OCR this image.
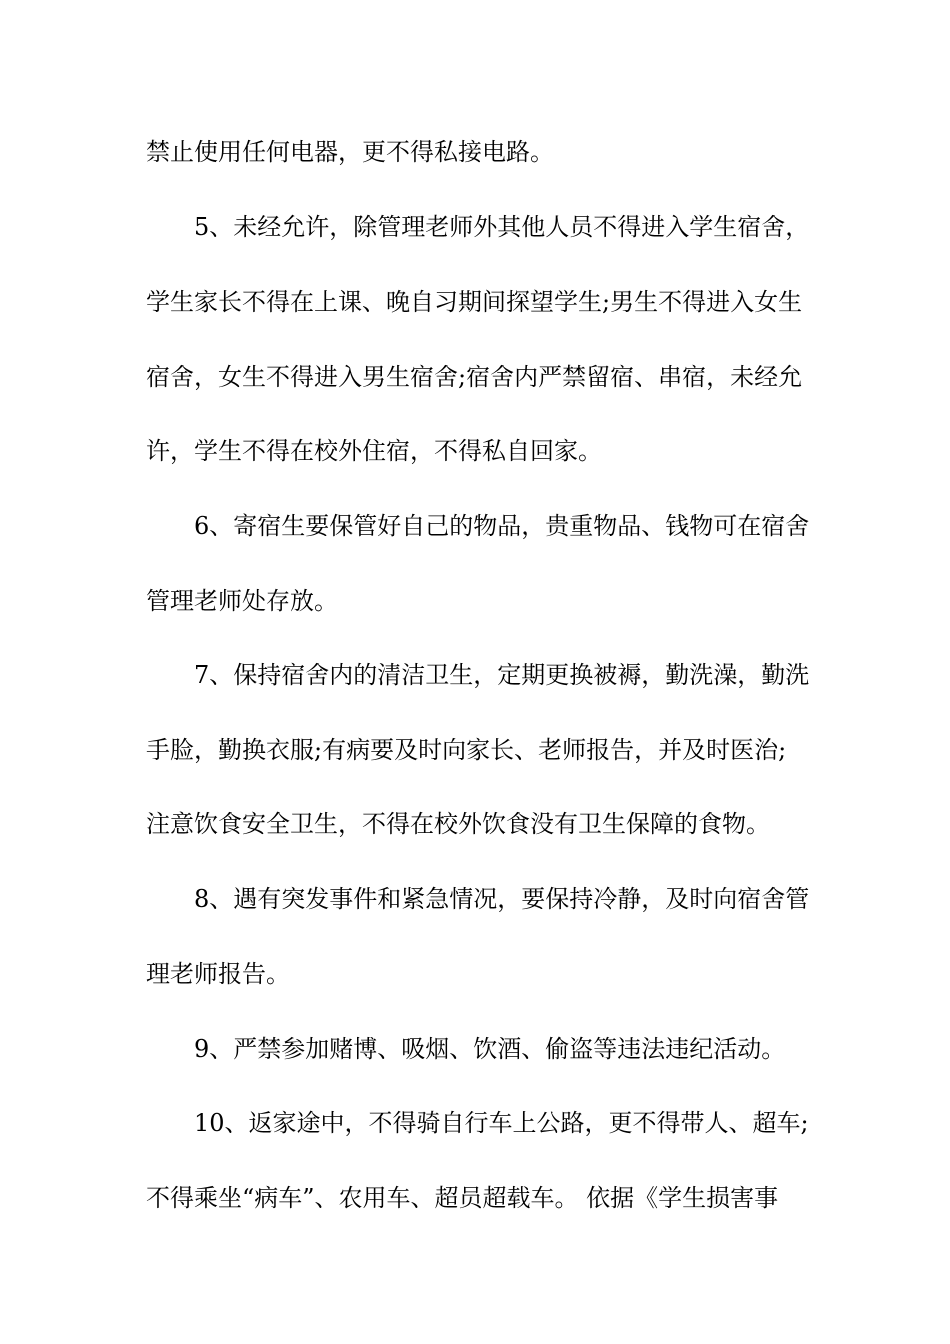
禁止使用任何电器，更不得私接电路。
5、未经允许，除管理老师外其他人员不得进入学生宿舍，
学生家长不得在上课、晚自习期间探望学生;男生不得进入女生
宿舍，女生不得进入男生宿舍;宿舍内严禁留宿、串宿，未经允
许，学生不得在校外住宿，不得私自回家。
6、寄宿生要保管好自己的物品，贵重物品、钱物可在宿舍
管理老师处存放。
7、保持宿舍内的清洁卫生，定期更换被褥，勤洗澡，勤洗
手脸，勤换衣服;有病要及时向家长、老师报告，并及时医治;
注意饮食安全卫生，不得在校外饮食没有卫生保障的食物。
8、遇有突发事件和紧急情况，要保持冷静，及时向宿舍管
理老师报告。
9、严禁参加赌博、吸烟、饮酒、偷盗等违法违纪活动。
10、返家途中，不得骑自行车上公路，更不得带人、超车;
不得乘坐“病车”、农用车、超员超载车。 依据《学生损害事
